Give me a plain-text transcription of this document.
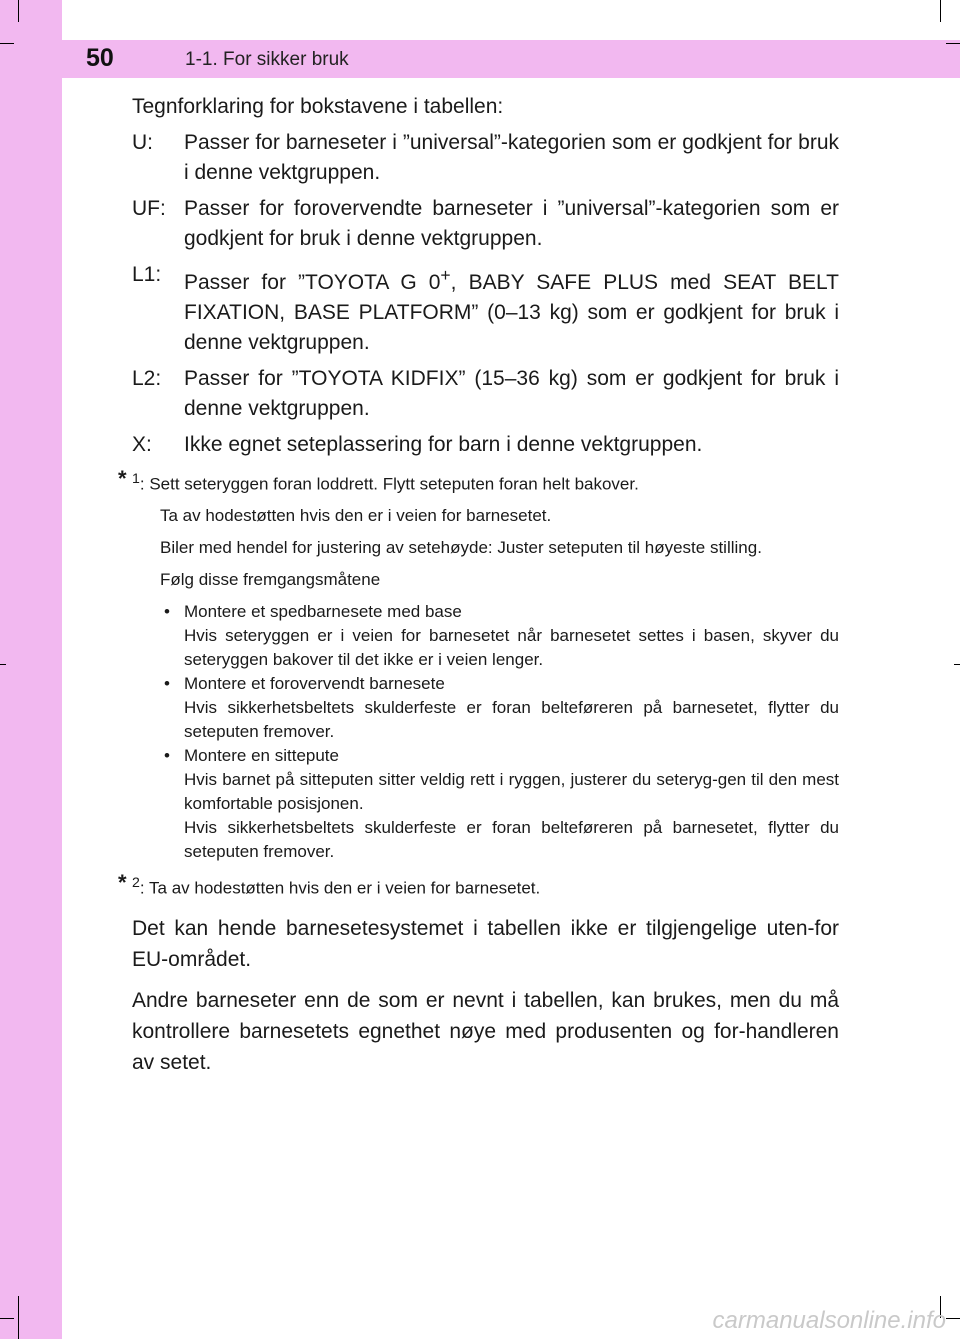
50	1-1. For sikker bruk

Tegnforklaring for bokstavene i tabellen:

U:	Passer for barneseter i ”universal”-kategorien som er godkjent for bruk i denne vektgruppen.
UF: Passer for forovervendte barneseter i ”universal”-kategorien som er godkjent for bruk i denne vektgruppen.
L1:	Passer for ”TOYOTA G 0+, BABY SAFE PLUS med SEAT BELT FIXATION, BASE PLATFORM” (0–13 kg) som er godkjent for bruk i denne vektgruppen.
L2:	Passer for ”TOYOTA KIDFIX” (15–36 kg) som er godkjent for bruk i denne vektgruppen.
X:	Ikke egnet seteplassering for barn i denne vektgruppen.
* $^1$: Sett seteryggen foran loddrett. Flytt seteputen foran helt bakover.
Ta av hodestøtten hvis den er i veien for barnesetet.
Biler med hendel for justering av setehøyde: Juster seteputen til høyeste stilling.
Følg disse fremgangsmåtene
• Montere et spedbarnesete med base
Hvis seteryggen er i veien for barnesetet når barnesetet settes i basen, skyver du seteryggen bakover til det ikke er i veien lenger.
• Montere et forovervendt barnesete
Hvis sikkerhetsbeltets skulderfeste er foran belteføreren på barnesetet, flytter du seteputen fremover.
• Montere en sittepute
Hvis barnet på sitteputen sitter veldig rett i ryggen, justerer du seteryg-gen til den mest komfortable posisjonen.
Hvis sikkerhetsbeltets skulderfeste er foran belteføreren på barnesetet, flytter du seteputen fremover.
* $^2$: Ta av hodestøtten hvis den er i veien for barnesetet.

Det kan hende barnesetesystemet i tabellen ikke er tilgjengelige uten-for EU-området.

Andre barneseter enn de som er nevnt i tabellen, kan brukes, men du må kontrollere barnesetets egnethet nøye med produsenten og for-handleren av setet.

carmanualsonline.info
